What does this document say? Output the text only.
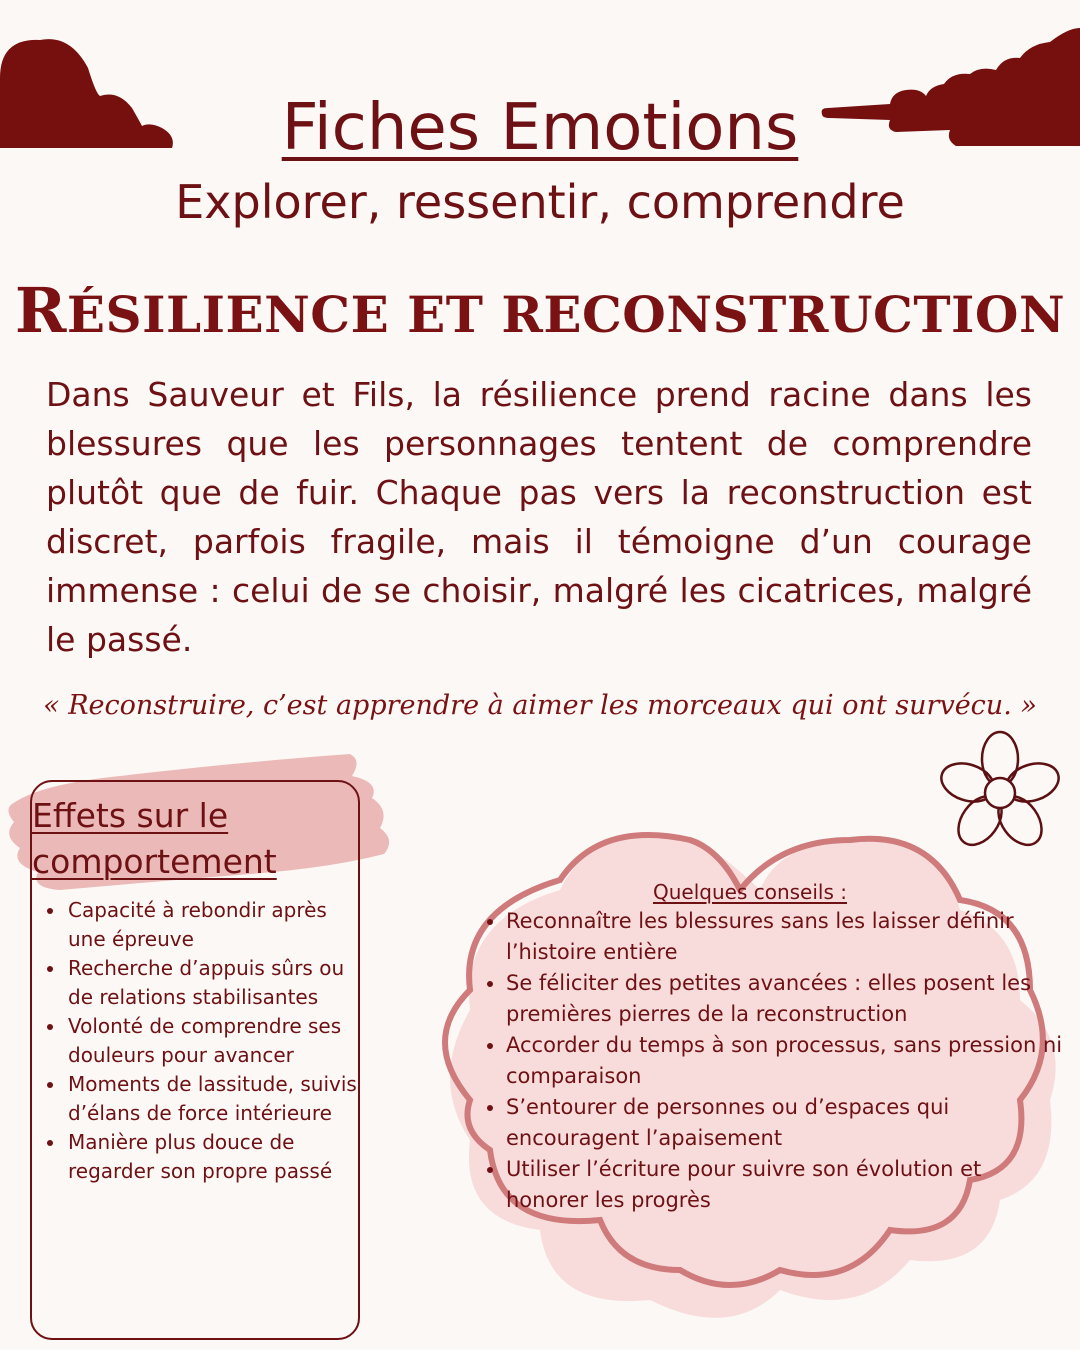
Fiches Emotions
Explorer, ressentir, comprendre
RÉSILIENCE ET RECONSTRUCTION

Dans Sauveur et Fils, la résilience prend racine dans les blessures que les personnages tentent de comprendre plutôt que de fuir. Chaque pas vers la reconstruction est discret, parfois fragile, mais il témoigne d’un courage immense : celui de se choisir, malgré les cicatrices, malgré le passé.

« Reconstruire, c’est apprendre à aimer les morceaux qui ont survécu. »
Effets sur le comportement
• Capacité à rebondir après une épreuve
• Recherche d’appuis sûrs ou de relations stabilisantes
• Volonté de comprendre ses douleurs pour avancer
• Moments de lassitude, suivis d’élans de force intérieure
• Manière plus douce de regarder son propre passé
Quelques conseils :
• Reconnaître les blessures sans les laisser définir l’histoire entière
• Se féliciter des petites avancées : elles posent les premières pierres de la reconstruction
• Accorder du temps à son processus, sans pression ni comparaison
• S’entourer de personnes ou d’espaces qui encouragent l’apaisement
• Utiliser l’écriture pour suivre son évolution et honorer les progrès
